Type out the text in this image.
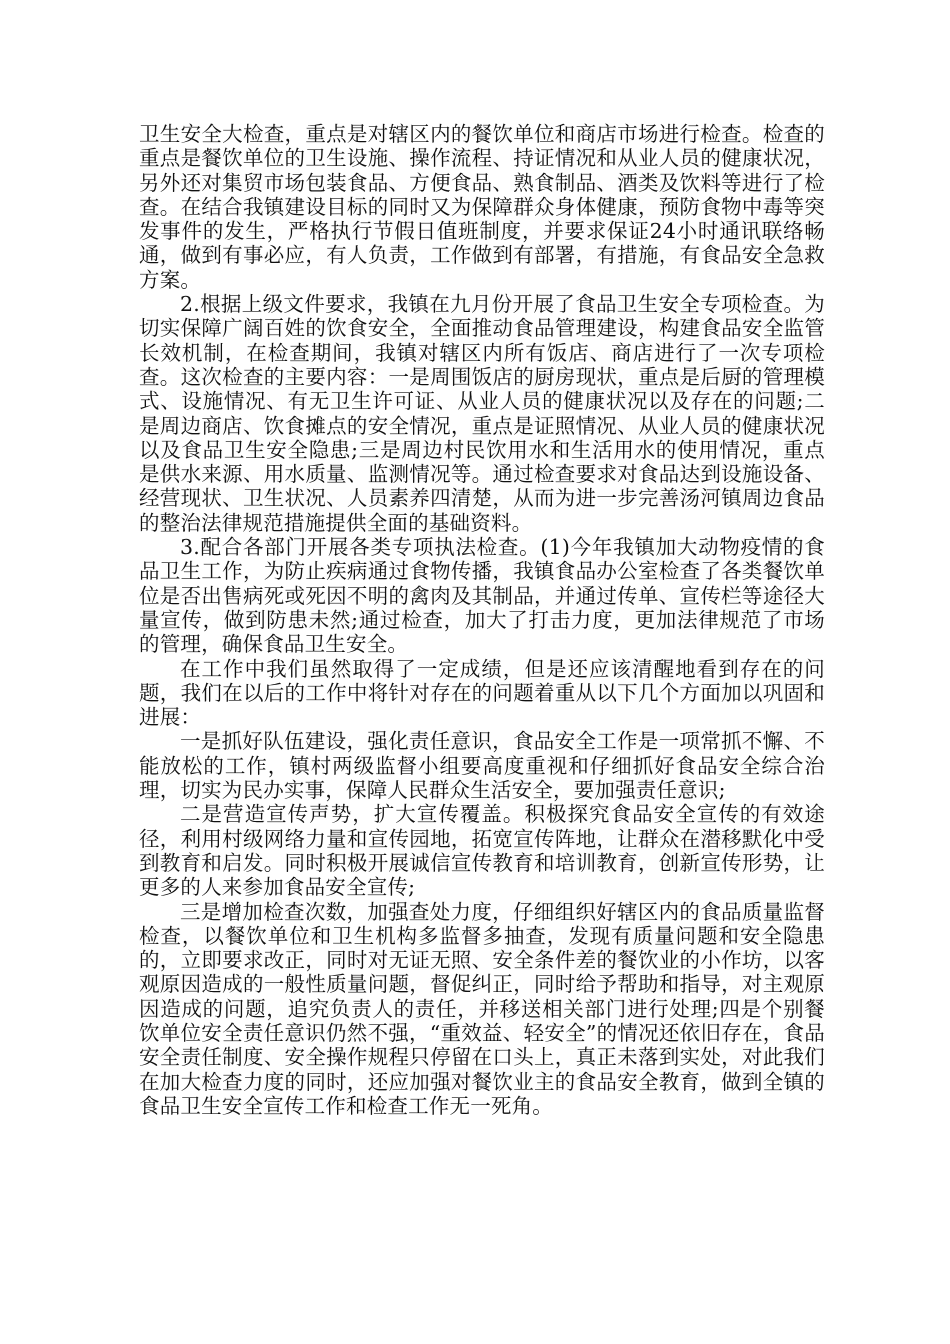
卫生安全大检查，重点是对辖区内的餐饮单位和商店市场进行检查。检查的重点是餐饮单位的卫生设施、操作流程、持证情况和从业人员的健康状况，另外还对集贸市场包装食品、方便食品、熟食制品、酒类及饮料等进行了检查。在结合我镇建设目标的同时又为保障群众身体健康，预防食物中毒等突发事件的发生，严格执行节假日值班制度，并要求保证24小时通讯联络畅通，做到有事必应，有人负责，工作做到有部署，有措施，有食品安全急救方案。

2.根据上级文件要求，我镇在九月份开展了食品卫生安全专项检查。为切实保障广阔百姓的饮食安全，全面推动食品管理建设，构建食品安全监管长效机制，在检查期间，我镇对辖区内所有饭店、商店进行了一次专项检查。这次检查的主要内容：一是周围饭店的厨房现状，重点是后厨的管理模式、设施情况、有无卫生许可证、从业人员的健康状况以及存在的问题;二是周边商店、饮食摊点的安全情况，重点是证照情况、从业人员的健康状况以及食品卫生安全隐患;三是周边村民饮用水和生活用水的使用情况，重点是供水来源、用水质量、监测情况等。通过检查要求对食品达到设施设备、经营现状、卫生状况、人员素养四清楚，从而为进一步完善汤河镇周边食品的整治法律规范措施提供全面的基础资料。

3.配合各部门开展各类专项执法检查。(1)今年我镇加大动物疫情的食品卫生工作，为防止疾病通过食物传播，我镇食品办公室检查了各类餐饮单位是否出售病死或死因不明的禽肉及其制品，并通过传单、宣传栏等途径大量宣传，做到防患未然;通过检查，加大了打击力度，更加法律规范了市场的管理，确保食品卫生安全。

在工作中我们虽然取得了一定成绩，但是还应该清醒地看到存在的问题，我们在以后的工作中将针对存在的问题着重从以下几个方面加以巩固和进展：

一是抓好队伍建设，强化责任意识，食品安全工作是一项常抓不懈、不能放松的工作，镇村两级监督小组要高度重视和仔细抓好食品安全综合治理，切实为民办实事，保障人民群众生活安全，要加强责任意识;

二是营造宣传声势，扩大宣传覆盖。积极探究食品安全宣传的有效途径，利用村级网络力量和宣传园地，拓宽宣传阵地，让群众在潜移默化中受到教育和启发。同时积极开展诚信宣传教育和培训教育，创新宣传形势，让更多的人来参加食品安全宣传;

三是增加检查次数，加强查处力度，仔细组织好辖区内的食品质量监督检查，以餐饮单位和卫生机构多监督多抽查，发现有质量问题和安全隐患的，立即要求改正，同时对无证无照、安全条件差的餐饮业的小作坊，以客观原因造成的一般性质量问题，督促纠正，同时给予帮助和指导，对主观原因造成的问题，追究负责人的责任，并移送相关部门进行处理;四是个别餐饮单位安全责任意识仍然不强，“重效益、轻安全”的情况还依旧存在，食品安全责任制度、安全操作规程只停留在口头上，真正未落到实处，对此我们在加大检查力度的同时，还应加强对餐饮业主的食品安全教育，做到全镇的食品卫生安全宣传工作和检查工作无一死角。
